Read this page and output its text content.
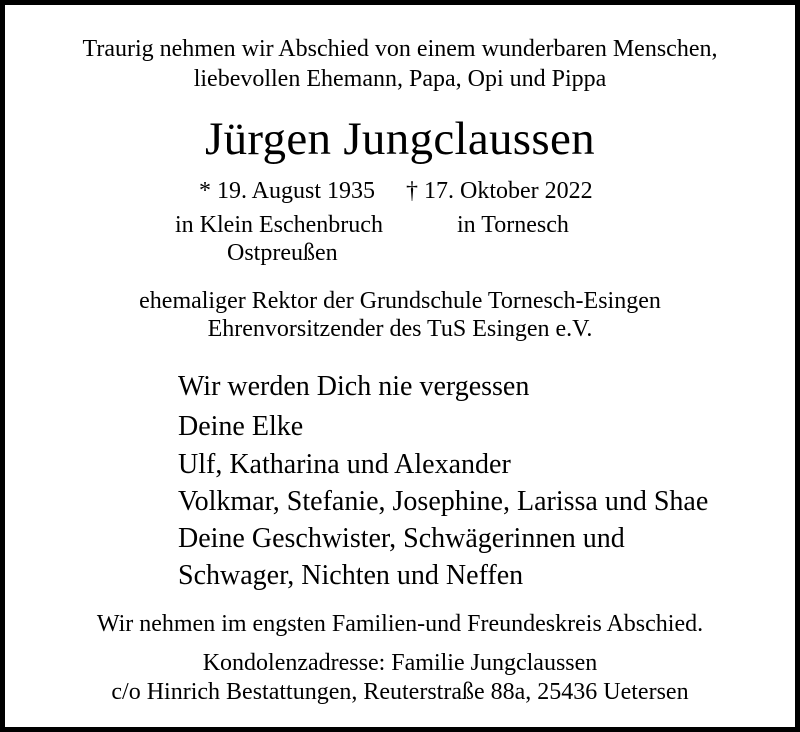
Traurig nehmen wir Abschied von einem wunderbaren Menschen,
liebevollen Ehemann, Papa, Opi und Pippa
Jürgen Jungclaussen
* 19. August 1935 † 17. Oktober 2022
in Klein Eschenbruch	in Tornesch
Ostpreußen
ehemaliger Rektor der Grundschule Tornesch-Esingen
Ehrenvorsitzender des TuS Esingen e.V.
Wir werden Dich nie vergessen
Deine Elke
Ulf, Katharina und Alexander
Volkmar, Stefanie, Josephine, Larissa und Shae
Deine Geschwister, Schwägerinnen und
Schwager, Nichten und Neffen
Wir nehmen im engsten Familien-und Freundeskreis Abschied.
Kondolenzadresse: Familie Jungclaussen
c/o Hinrich Bestattungen, Reuterstraße 88a, 25436 Uetersen
